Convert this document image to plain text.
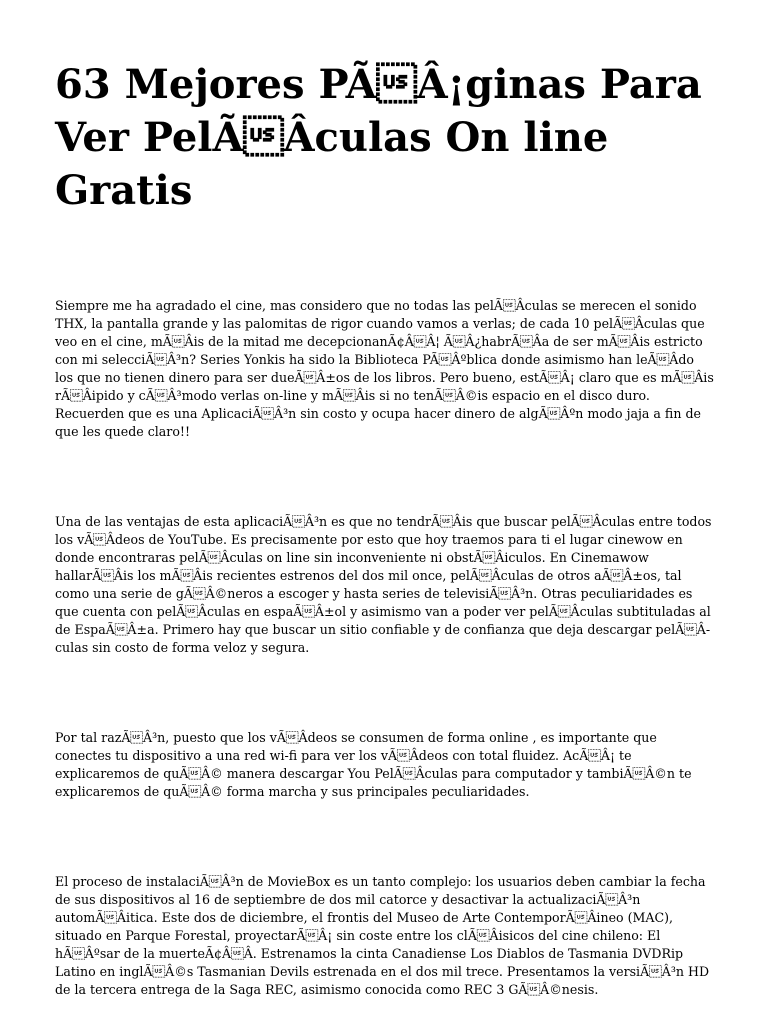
63 Mejores PÃÂ¡ginas Para Ver PelÃÂculas On line Gratis

Siempre me ha agradado el cine, mas considero que no todas las pelÃÂculas se merecen el sonido THX, la pantalla grande y las palomitas de rigor cuando vamos a verlas; de cada 10 pelÃÂculas que veo en el cine, mÃÂis de la mitad me decepcionanÃ¢ÂÂ¦ ÃÂ¿habrÃÂa de ser mÃÂis estricto con mi selecciÃÂ³n? Series Yonkis ha sido la Biblioteca PÃÂºblica donde asimismo han leÃÂdo los que no tienen dinero para ser dueÃÂ±os de los libros. Pero bueno, estÃÂ¡ claro que es mÃÂis rÃÂipido y cÃÂ³modo verlas on-line y mÃÂis si no tenÃÂ©is espacio en el disco duro. Recuerden que es una AplicaciÃÂ³n sin costo y ocupa hacer dinero de algÃÂºn modo jaja a fin de que les quede claro!!

Una de las ventajas de esta aplicaciÃÂ³n es que no tendrÃÂis que buscar pelÃÂculas entre todos los vÃÂdeos de YouTube. Es precisamente por esto que hoy traemos para ti el lugar cinewow en donde encontraras pelÃÂculas on line sin inconveniente ni obstÃÂiculos. En Cinemawow hallarÃÂis los mÃÂis recientes estrenos del dos mil once, pelÃÂculas de otros aÃÂ±os, tal como una serie de gÃÂ©neros a escoger y hasta series de televisiÃÂ³n. Otras peculiaridades es que cuenta con pelÃÂculas en espaÃÂ±ol y asimismo van a poder ver pelÃÂculas subtituladas al de EspaÃÂ±a. Primero hay que buscar un sitio confiable y de confianza que deja descargar pelÃÂculas sin costo de forma veloz y segura.

Por tal razÃÂ³n, puesto que los vÃÂdeos se consumen de forma online , es importante que conectes tu dispositivo a una red wi-fi para ver los vÃÂdeos con total fluidez. AcÃÂ¡ te explicaremos de quÃÂ© manera descargar You PelÃÂculas para computador y tambiÃÂ©n te explicaremos de quÃÂ© forma marcha y sus principales peculiaridades.

El proceso de instalaciÃÂ³n de MovieBox es un tanto complejo: los usuarios deben cambiar la fecha de sus dispositivos al 16 de septiembre de dos mil catorce y desactivar la actualizaciÃÂ³n automÃÂitica. Este dos de diciembre, el frontis del Museo de Arte ContemporÃÂineo (MAC), situado en Parque Forestal, proyectarÃÂ¡ sin coste entre los clÃÂisicos del cine chileno: El hÃÂºsar de la muerteÃ¢ÂÂ. Estrenamos la cinta Canadiense Los Diablos de Tasmania DVDRip Latino en inglÃÂ©s Tasmanian Devils estrenada en el dos mil trece. Presentamos la versiÃÂ³n HD de la tercera entrega de la Saga REC, asimismo conocida como REC 3 GÃÂ©nesis.
